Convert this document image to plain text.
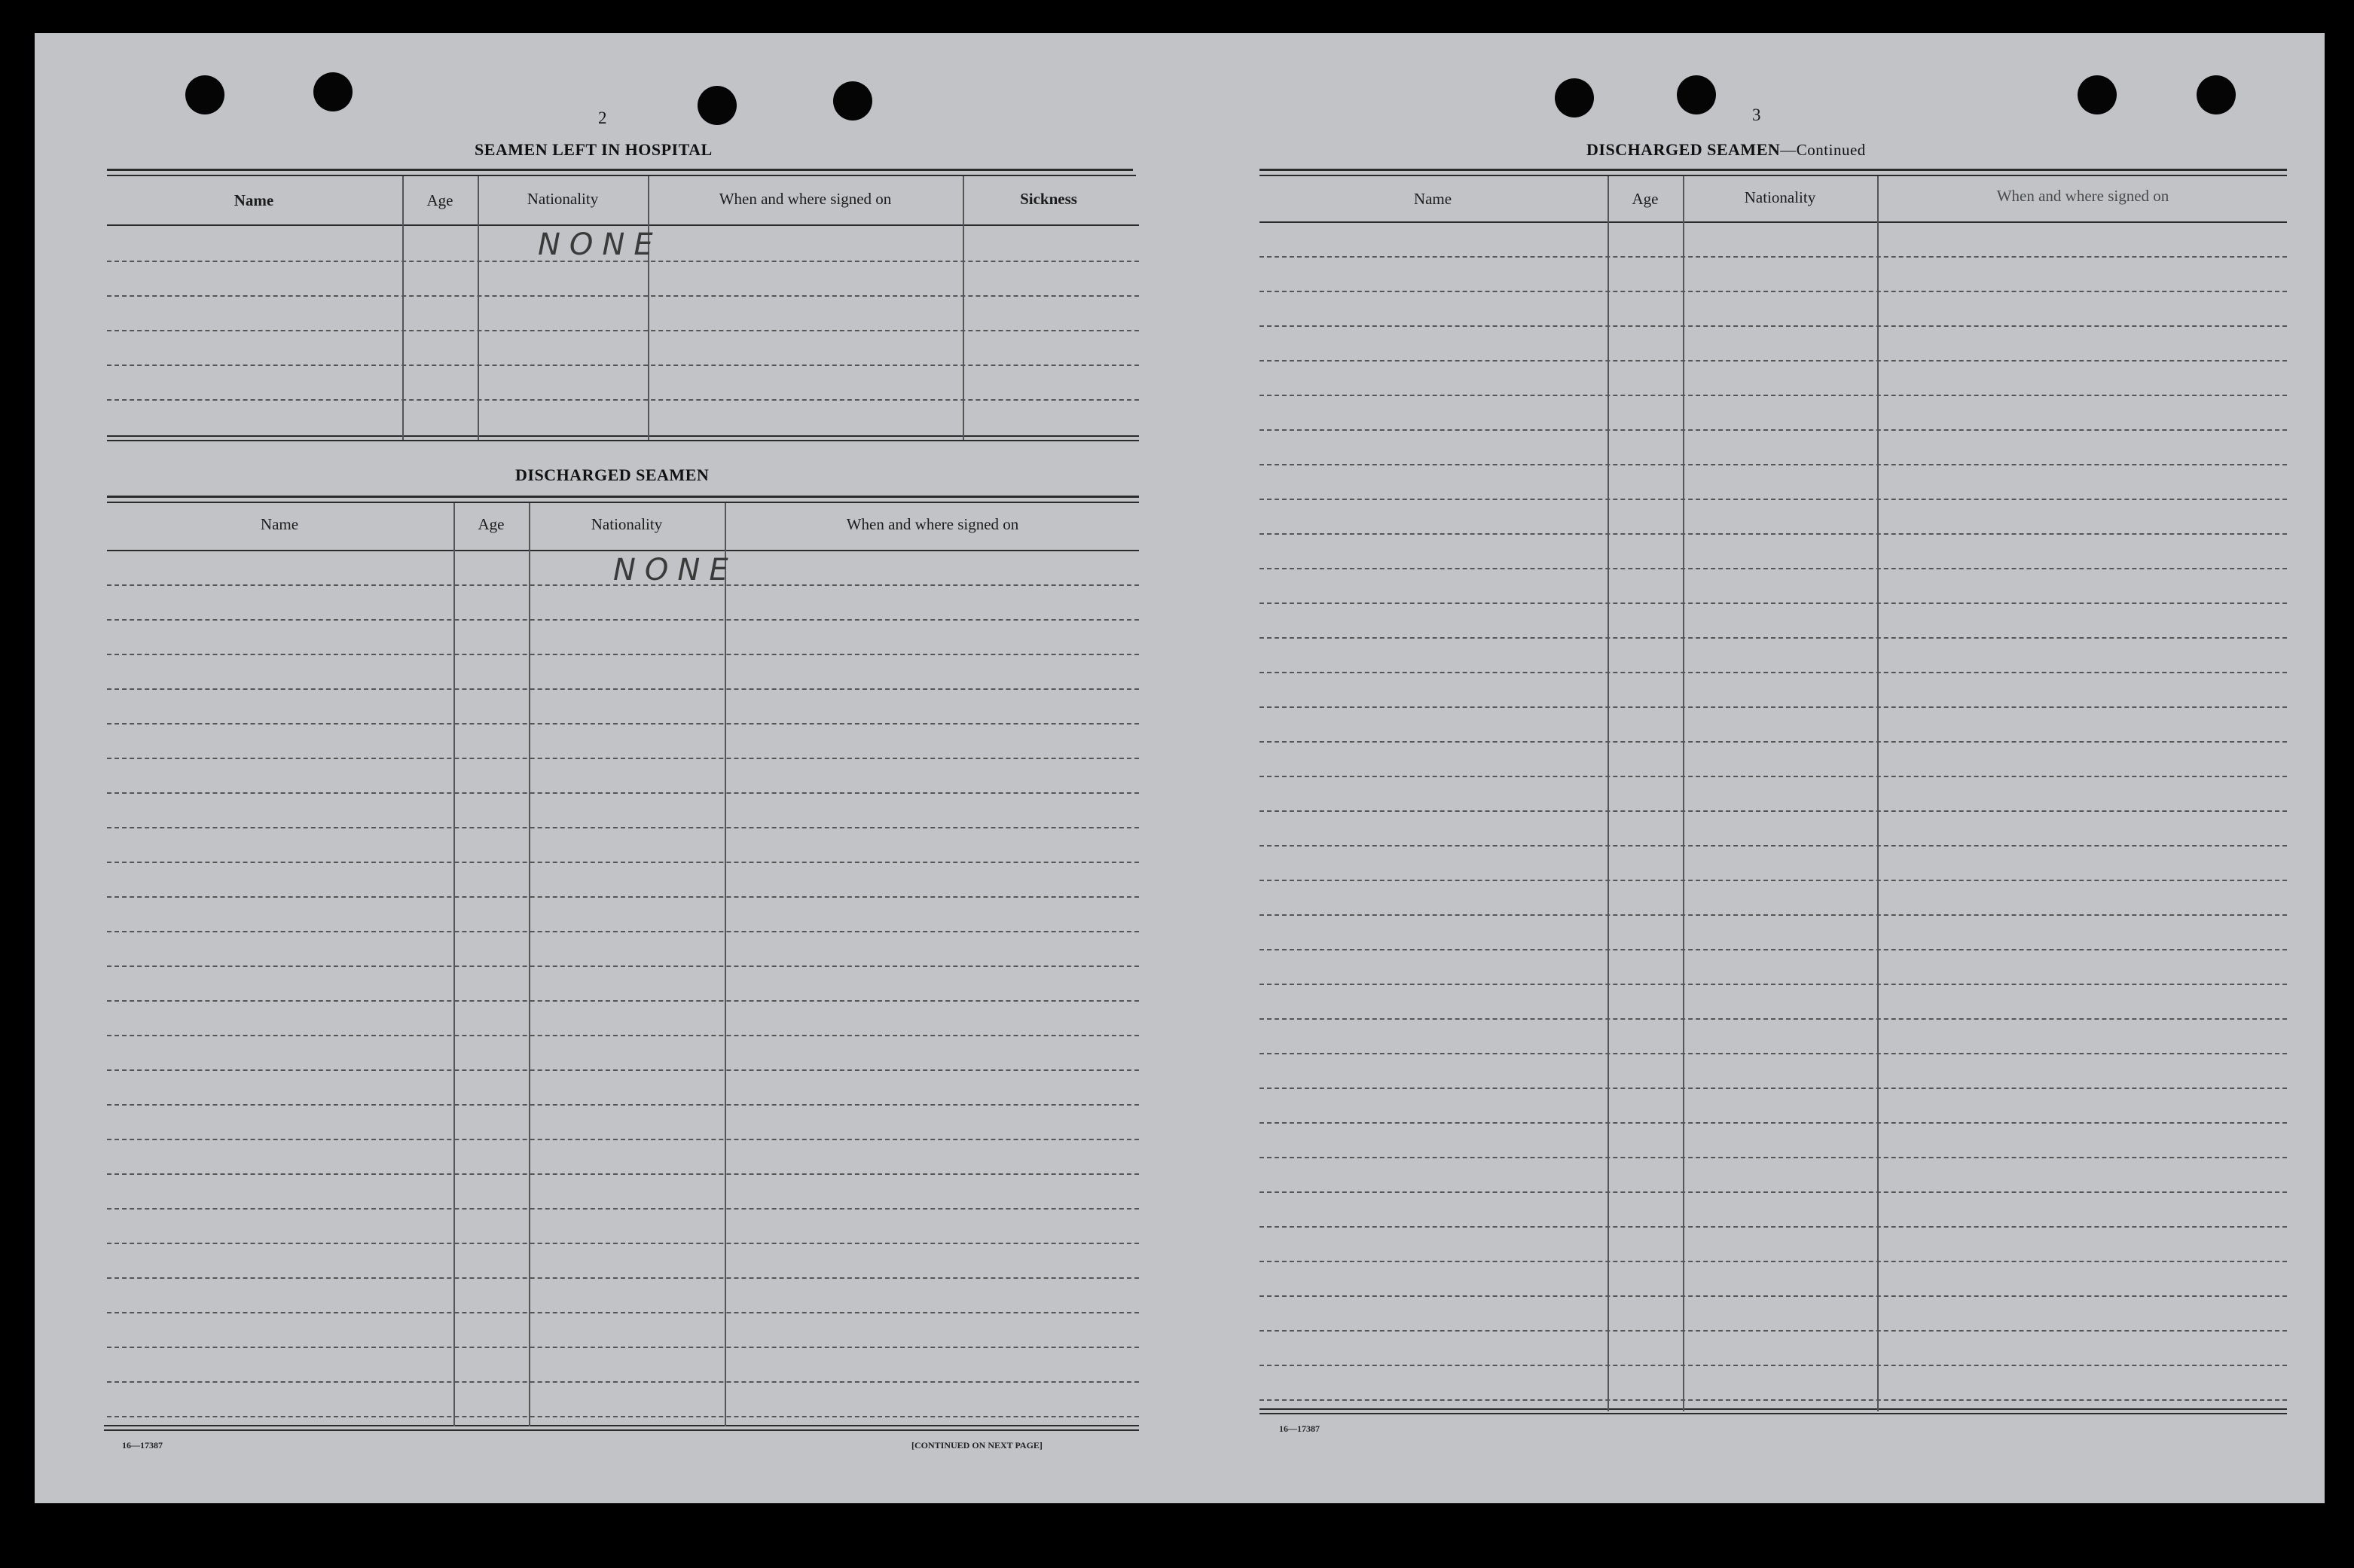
2
SEAMEN LEFT IN HOSPITAL
Name	Age	Nationality	When and where signed on	Sickness
NONE
DISCHARGED SEAMEN
Name	Age	Nationality	When and where signed on
NONE
16—17387	[CONTINUED ON NEXT PAGE]
3
DISCHARGED SEAMEN—Continued
Name	Age	Nationality	When and where signed on
16—17387
